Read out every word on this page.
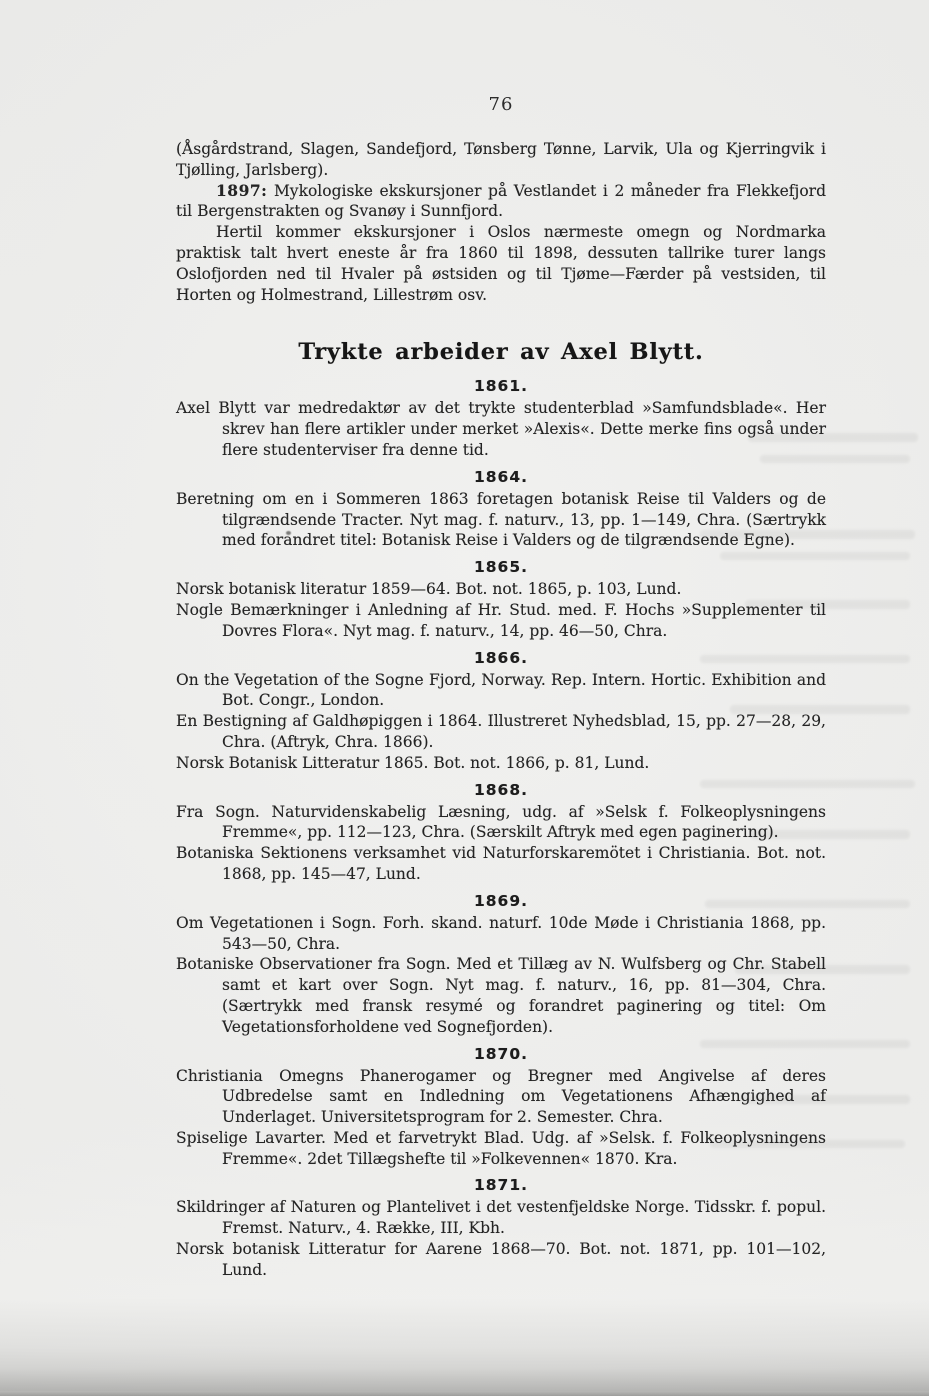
76

(Åsgårdstrand, Slagen, Sandefjord, Tønsberg Tønne, Larvik, Ula og Kjerringvik i Tjølling, Jarlsberg).

1897: Mykologiske ekskursjoner på Vestlandet i 2 måneder fra Flekkefjord til Bergenstrakten og Svanøy i Sunnfjord.

Hertil kommer ekskursjoner i Oslos nærmeste omegn og Nordmarka praktisk talt hvert eneste år fra 1860 til 1898, dessuten tallrike turer langs Oslofjorden ned til Hvaler på østsiden og til Tjøme—Færder på vestsiden, til Horten og Holmestrand, Lillestrøm osv.

Trykte arbeider av Axel Blytt.
1861.

Axel Blytt var medredaktør av det trykte studenterblad »Samfundsblade«. Her skrev han flere artikler under merket »Alexis«. Dette merke fins også under flere studenterviser fra denne tid.

1864.

Beretning om en i Sommeren 1863 foretagen botanisk Reise til Valders og de tilgrændsende Tracter. Nyt mag. f. naturv., 13, pp. 1—149, Chra. (Særtrykk med forandret titel: Botanisk Reise i Valders og de tilgrændsende Egne).

1865.

Norsk botanisk literatur 1859—64. Bot. not. 1865, p. 103, Lund.

Nogle Bemærkninger i Anledning af Hr. Stud. med. F. Hochs »Supplementer til Dovres Flora«. Nyt mag. f. naturv., 14, pp. 46—50, Chra.

1866.

On the Vegetation of the Sogne Fjord, Norway. Rep. Intern. Hortic. Exhibition and Bot. Congr., London.

En Bestigning af Galdhøpiggen i 1864. Illustreret Nyhedsblad, 15, pp. 27—28, 29, Chra. (Aftryk, Chra. 1866).

Norsk Botanisk Litteratur 1865. Bot. not. 1866, p. 81, Lund.

1868.

Fra Sogn. Naturvidenskabelig Læsning, udg. af »Selsk f. Folkeoplysningens Fremme«, pp. 112—123, Chra. (Særskilt Aftryk med egen paginering).

Botaniska Sektionens verksamhet vid Naturforskaremötet i Christiania. Bot. not. 1868, pp. 145—47, Lund.

1869.

Om Vegetationen i Sogn. Forh. skand. naturf. 10de Møde i Christiania 1868, pp. 543—50, Chra.

Botaniske Observationer fra Sogn. Med et Tillæg av N. Wulfsberg og Chr. Stabell samt et kart over Sogn. Nyt mag. f. naturv., 16, pp. 81—304, Chra. (Særtrykk med fransk resymé og forandret paginering og titel: Om Vegetationsforholdene ved Sognefjorden).

1870.

Christiania Omegns Phanerogamer og Bregner med Angivelse af deres Udbredelse samt en Indledning om Vegetationens Afhængighed af Underlaget. Universitetsprogram for 2. Semester. Chra.

Spiselige Lavarter. Med et farvetrykt Blad. Udg. af »Selsk. f. Folkeoplysningens Fremme«. 2det Tillægshefte til »Folkevennen« 1870. Kra.

1871.

Skildringer af Naturen og Plantelivet i det vestenfjeldske Norge. Tidsskr. f. popul. Fremst. Naturv., 4. Række, III, Kbh.

Norsk botanisk Litteratur for Aarene 1868—70. Bot. not. 1871, pp. 101—102, Lund.
